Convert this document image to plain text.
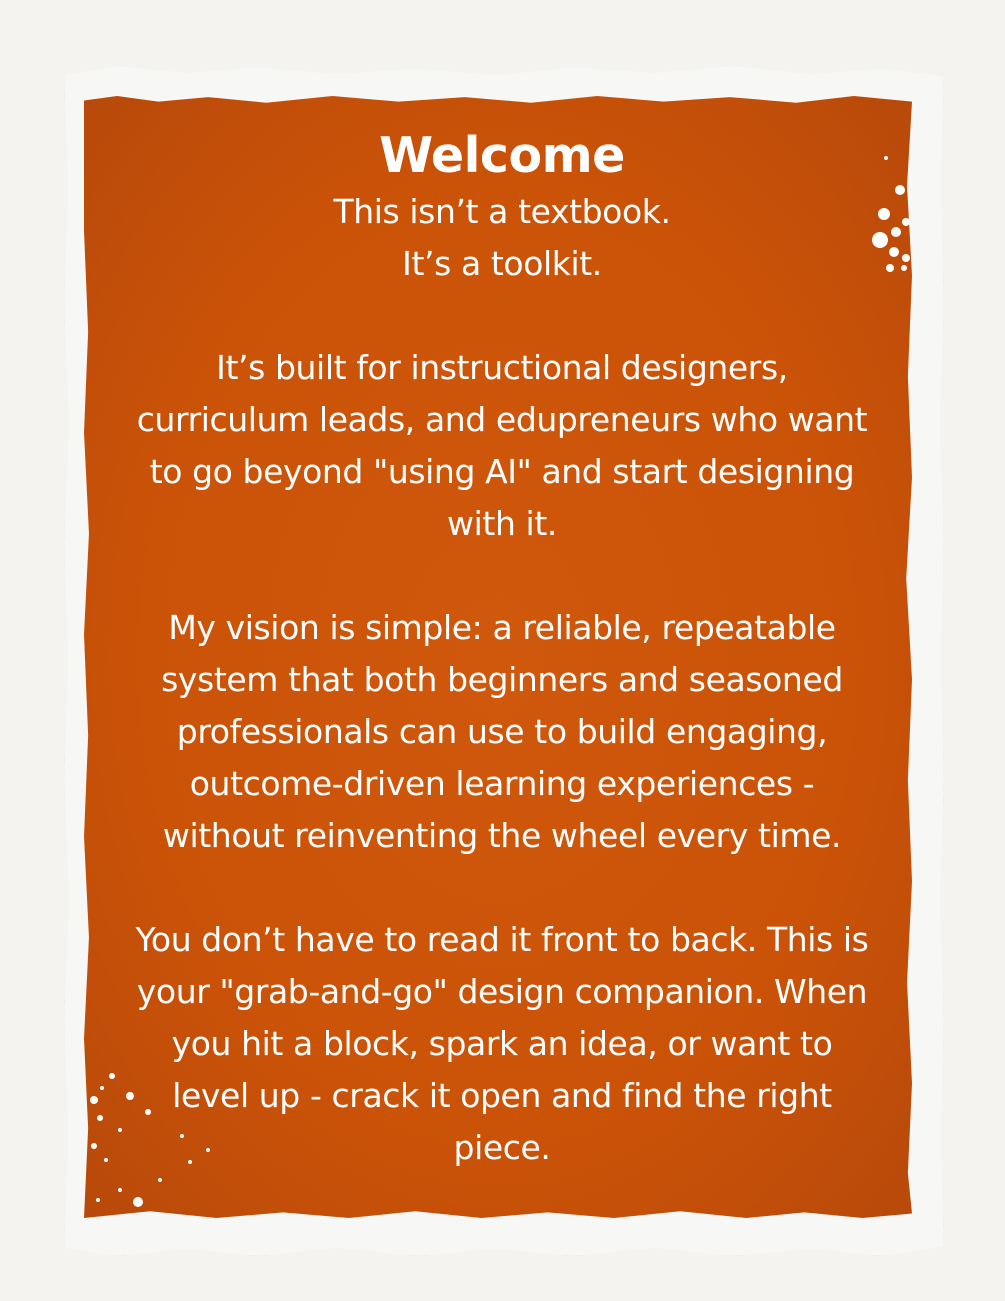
Welcome

This isn’t a textbook.
It’s a toolkit.

It’s built for instructional designers,
curriculum leads, and edupreneurs who want
to go beyond "using AI" and start designing
with it.

My vision is simple: a reliable, repeatable
system that both beginners and seasoned
professionals can use to build engaging,
outcome-driven learning experiences -
without reinventing the wheel every time.

You don’t have to read it front to back. This is
your "grab-and-go" design companion. When
you hit a block, spark an idea, or want to
level up - crack it open and find the right
piece.
